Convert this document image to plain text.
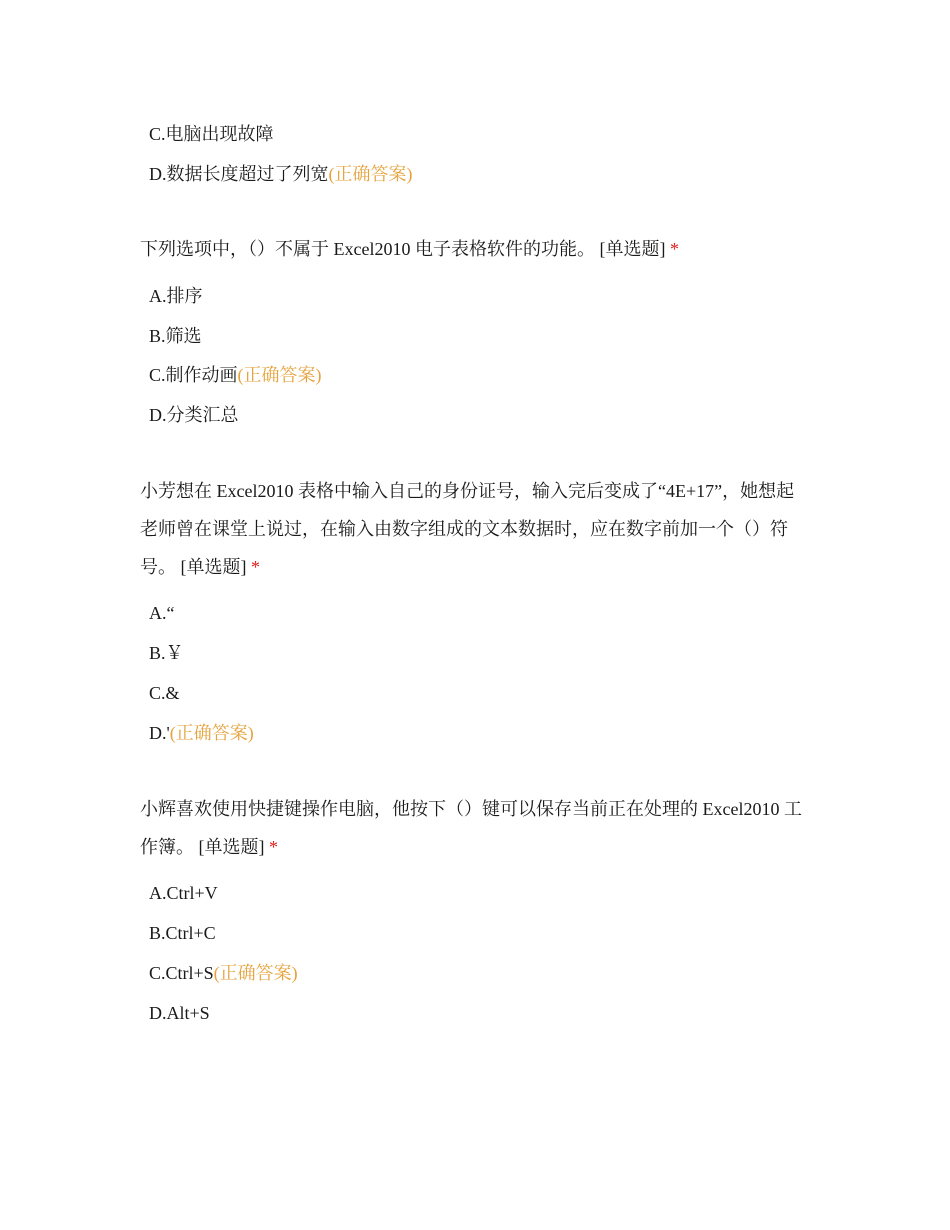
C.电脑出现故障
D.数据长度超过了列宽(正确答案)
下列选项中，（）不属于 Excel2010 电子表格软件的功能。 [单选题] *
A.排序
B.筛选
C.制作动画(正确答案)
D.分类汇总
小芳想在 Excel2010 表格中输入自己的身份证号，输入完后变成了“4E+17”，她想起老师曾在课堂上说过，在输入由数字组成的文本数据时，应在数字前加一个（）符号。 [单选题] *
A.“
B.￥
C.&
D.'(正确答案)
小辉喜欢使用快捷键操作电脑，他按下（）键可以保存当前正在处理的 Excel2010 工作簿。 [单选题] *
A.Ctrl+V
B.Ctrl+C
C.Ctrl+S(正确答案)
D.Alt+S
